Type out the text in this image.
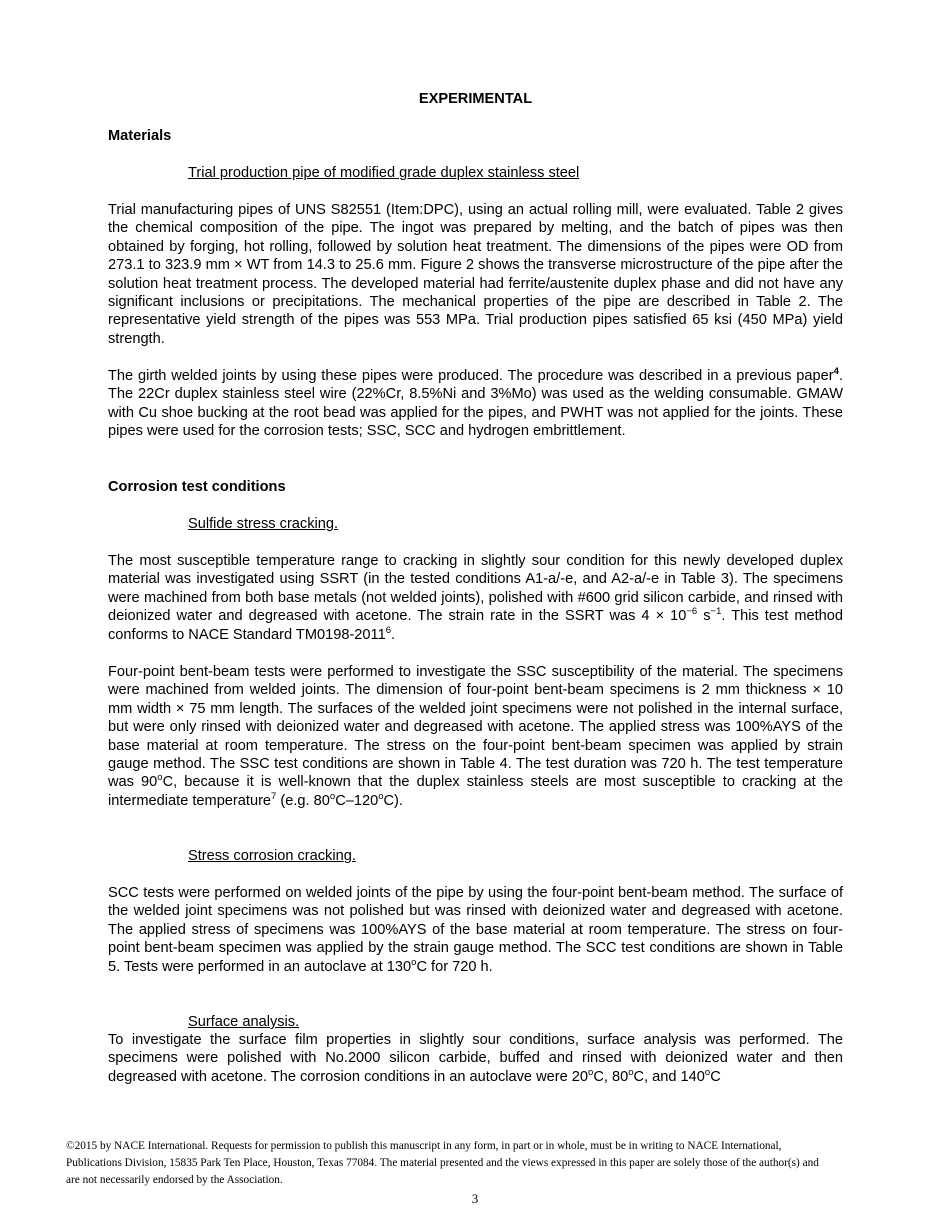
EXPERIMENTAL
Materials
Trial production pipe of modified grade duplex stainless steel

Trial manufacturing pipes of UNS S82551 (Item:DPC), using an actual rolling mill, were evaluated. Table 2 gives the chemical composition of the pipe. The ingot was prepared by melting, and the batch of pipes was then obtained by forging, hot rolling, followed by solution heat treatment. The dimensions of the pipes were OD from 273.1 to 323.9 mm × WT from 14.3 to 25.6 mm. Figure 2 shows the transverse microstructure of the pipe after the solution heat treatment process. The developed material had ferrite/austenite duplex phase and did not have any significant inclusions or precipitations. The mechanical properties of the pipe are described in Table 2. The representative yield strength of the pipes was 553 MPa. Trial production pipes satisfied 65 ksi (450 MPa) yield strength.

The girth welded joints by using these pipes were produced. The procedure was described in a previous paper$^4$. The 22Cr duplex stainless steel wire (22%Cr, 8.5%Ni and 3%Mo) was used as the welding consumable. GMAW with Cu shoe bucking at the root bead was applied for the pipes, and PWHT was not applied for the joints. These pipes were used for the corrosion tests; SSC, SCC and hydrogen embrittlement.

Corrosion test conditions
Sulfide stress cracking.

The most susceptible temperature range to cracking in slightly sour condition for this newly developed duplex material was investigated using SSRT (in the tested conditions A1-a/-e, and A2-a/-e in Table 3). The specimens were machined from both base metals (not welded joints), polished with #600 grid silicon carbide, and rinsed with deionized water and degreased with acetone. The strain rate in the SSRT was $4 \times 10^{-6}$ $s^{-1}$. This test method conforms to NACE Standard TM0198-2011$^6$.

Four-point bent-beam tests were performed to investigate the SSC susceptibility of the material. The specimens were machined from welded joints. The dimension of four-point bent-beam specimens is 2 mm thickness × 10 mm width × 75 mm length. The surfaces of the welded joint specimens were not polished in the internal surface, but were only rinsed with deionized water and degreased with acetone. The applied stress was 100%AYS of the base material at room temperature. The stress on the four-point bent-beam specimen was applied by strain gauge method. The SSC test conditions are shown in Table 4. The test duration was 720 h. The test temperature was 90$^o$C, because it is well-known that the duplex stainless steels are most susceptible to cracking at the intermediate temperature$^7$ (e.g. 80$^o$C–120$^o$C).

Stress corrosion cracking.

SCC tests were performed on welded joints of the pipe by using the four-point bent-beam method. The surface of the welded joint specimens was not polished but was rinsed with deionized water and degreased with acetone. The applied stress of specimens was 100%AYS of the base material at room temperature. The stress on four-point bent-beam specimen was applied by the strain gauge method. The SCC test conditions are shown in Table 5. Tests were performed in an autoclave at 130$^o$C for 720 h.

Surface analysis.

To investigate the surface film properties in slightly sour conditions, surface analysis was performed. The specimens were polished with No.2000 silicon carbide, buffed and rinsed with deionized water and then degreased with acetone. The corrosion conditions in an autoclave were 20$^o$C, 80$^o$C, and 140$^o$C

©2015 by NACE International. Requests for permission to publish this manuscript in any form, in part or in whole, must be in writing to NACE International, Publications Division, 15835 Park Ten Place, Houston, Texas 77084. The material presented and the views expressed in this paper are solely those of the author(s) and are not necessarily endorsed by the Association.
3
